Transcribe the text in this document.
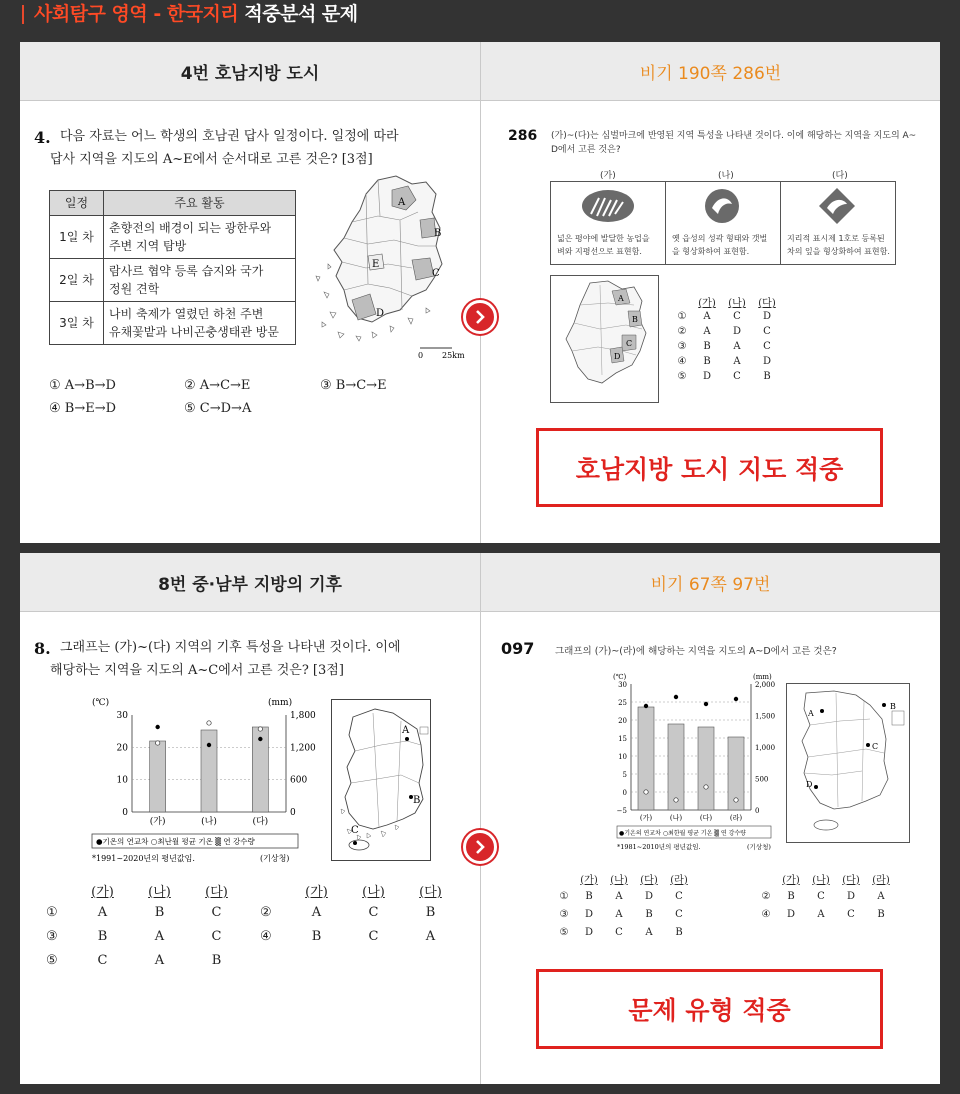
사회탐구 영역 - 한국지리 적중분석 문제
4번 호남지방 도시	비기 190쪽 286번
4. 다음 자료는 어느 학생의 호남권 답사 일정이다. 일정에 따라
답사 지역을 지도의 A~E에서 순서대로 고른 것은? [3점]
일정	주요 활동
1일 차	춘향전의 배경이 되는 광한루와
주변 지역 탐방

2일 차	람사르 협약 등록 습지와 국가
정원 견학

3일 차	나비 축제가 열렸던 하천 주변
유채꽃밭과 나비곤충생태관 방문
A
B
C
D
E
0 25km
① A→B→D	② A→C→E	③ B→C→E
④ B→E→D	⑤ C→D→A
286 (가)~(다)는 심벌마크에 반영된 지역 특성을 나타낸 것이다. 이에 해당하는 지역을 지도의 A~
D에서 고른 것은?
(가)	(나)	(다)
넓은 평야에 발달한 농업을
벼와 지평선으로 표현함.
옛 읍성의 성곽 형태와 갯벌
을 형상화하여 표현함.
지리적 표시제 1호로 등록된
차의 잎을 형상화하여 표현함.
A
B
C
D
(가)	(나)	(다)
①	A	C	D
②	A	D	C
③	B	A	C
④	B	A	D
⑤	D	C	B
호남지방 도시 지도 적중
8번 중·남부 지방의 기후	비기 67쪽 97번
8. 그래프는 (가)~(다) 지역의 기후 특성을 나타낸 것이다. 이에
해당하는 지역을 지도의 A~C에서 고른 것은? [3점]
(℃)	(mm)
30
20
10
0
1,800
1,200
600
0
(가)	(나)	(다)
●기온의 연교차 ○최난월 평균 기온 ▒ 연 강수량
*1991~2020년의 평년값임.	(기상청)
A
B
C
(가)	(나)	(다)	(가)	(나)	(다)
①	A	B	C	②	A	C	B
③	B	A	C	④	B	C	A
⑤	C	A	B
097 그래프의 (가)~(라)에 해당하는 지역을 지도의 A~D에서 고른 것은?
(℃)	(mm)
30
25
20
15
10
5
0
−5
2,000
1,500
1,000
500
0
(가)	(나)	(다)	(라)
●기온의 연교차 ○최한월 평균 기온 ▒ 연 강수량
*1981~2010년의 평년값임.	(기상청)
A
B
C
D
(가)	(나)	(다)	(라)
①	B	A	D	C
③	D	A	B	C
⑤	D	C	A	B
(가)	(나)	(다)	(라)
②	B	C	D	A
④	D	A	C	B
문제 유형 적중
